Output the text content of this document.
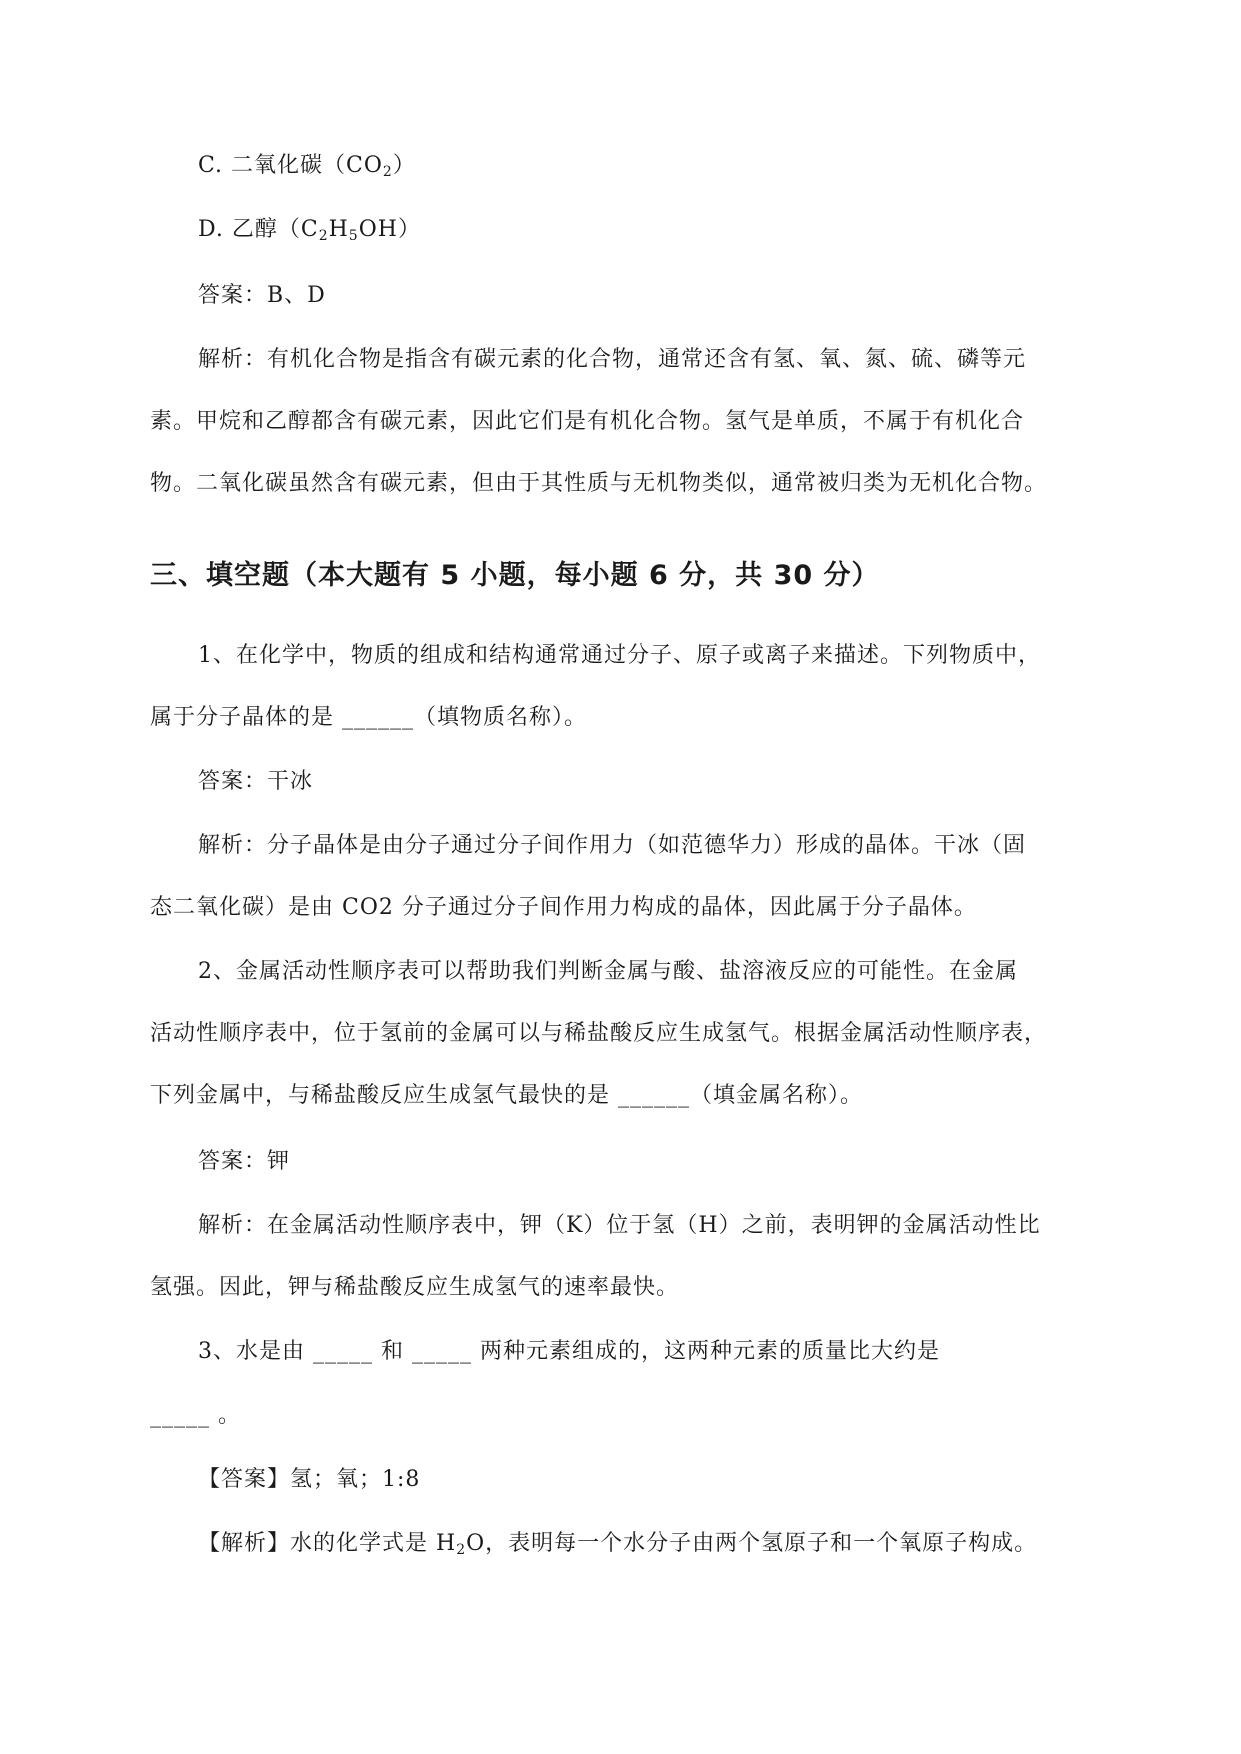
C. 二氧化碳$(CO_2)$
D. 乙醇$(C_2H_5OH)$
答案：B、D
解析：有机化合物是指含有碳元素的化合物，通常还含有氢、氧、氮、硫、磷等元
素。甲烷和乙醇都含有碳元素，因此它们是有机化合物。氢气是单质，不属于有机化合
物。二氧化碳虽然含有碳元素，但由于其性质与无机物类似，通常被归类为无机化合物。
三、填空题（本大题有 5 小题，每小题 6 分，共 30 分）
1、在化学中，物质的组成和结构通常通过分子、原子或离子来描述。下列物质中，
属于分子晶体的是 ______（填物质名称）。
答案：干冰
解析：分子晶体是由分子通过分子间作用力（如范德华力）形成的晶体。干冰（固
态二氧化碳）是由 CO2 分子通过分子间作用力构成的晶体，因此属于分子晶体。
2、金属活动性顺序表可以帮助我们判断金属与酸、盐溶液反应的可能性。在金属
活动性顺序表中，位于氢前的金属可以与稀盐酸反应生成氢气。根据金属活动性顺序表，
下列金属中，与稀盐酸反应生成氢气最快的是 ______（填金属名称）。
答案：钾
解析：在金属活动性顺序表中，钾（K）位于氢（H）之前，表明钾的金属活动性比
氢强。因此，钾与稀盐酸反应生成氢气的速率最快。
3、水是由 _____ 和 _____ 两种元素组成的，这两种元素的质量比大约是
_____ 。
【答案】氢；氧；1:8
【解析】水的化学式是 $H_2O$，表明每一个水分子由两个氢原子和一个氧原子构成。
